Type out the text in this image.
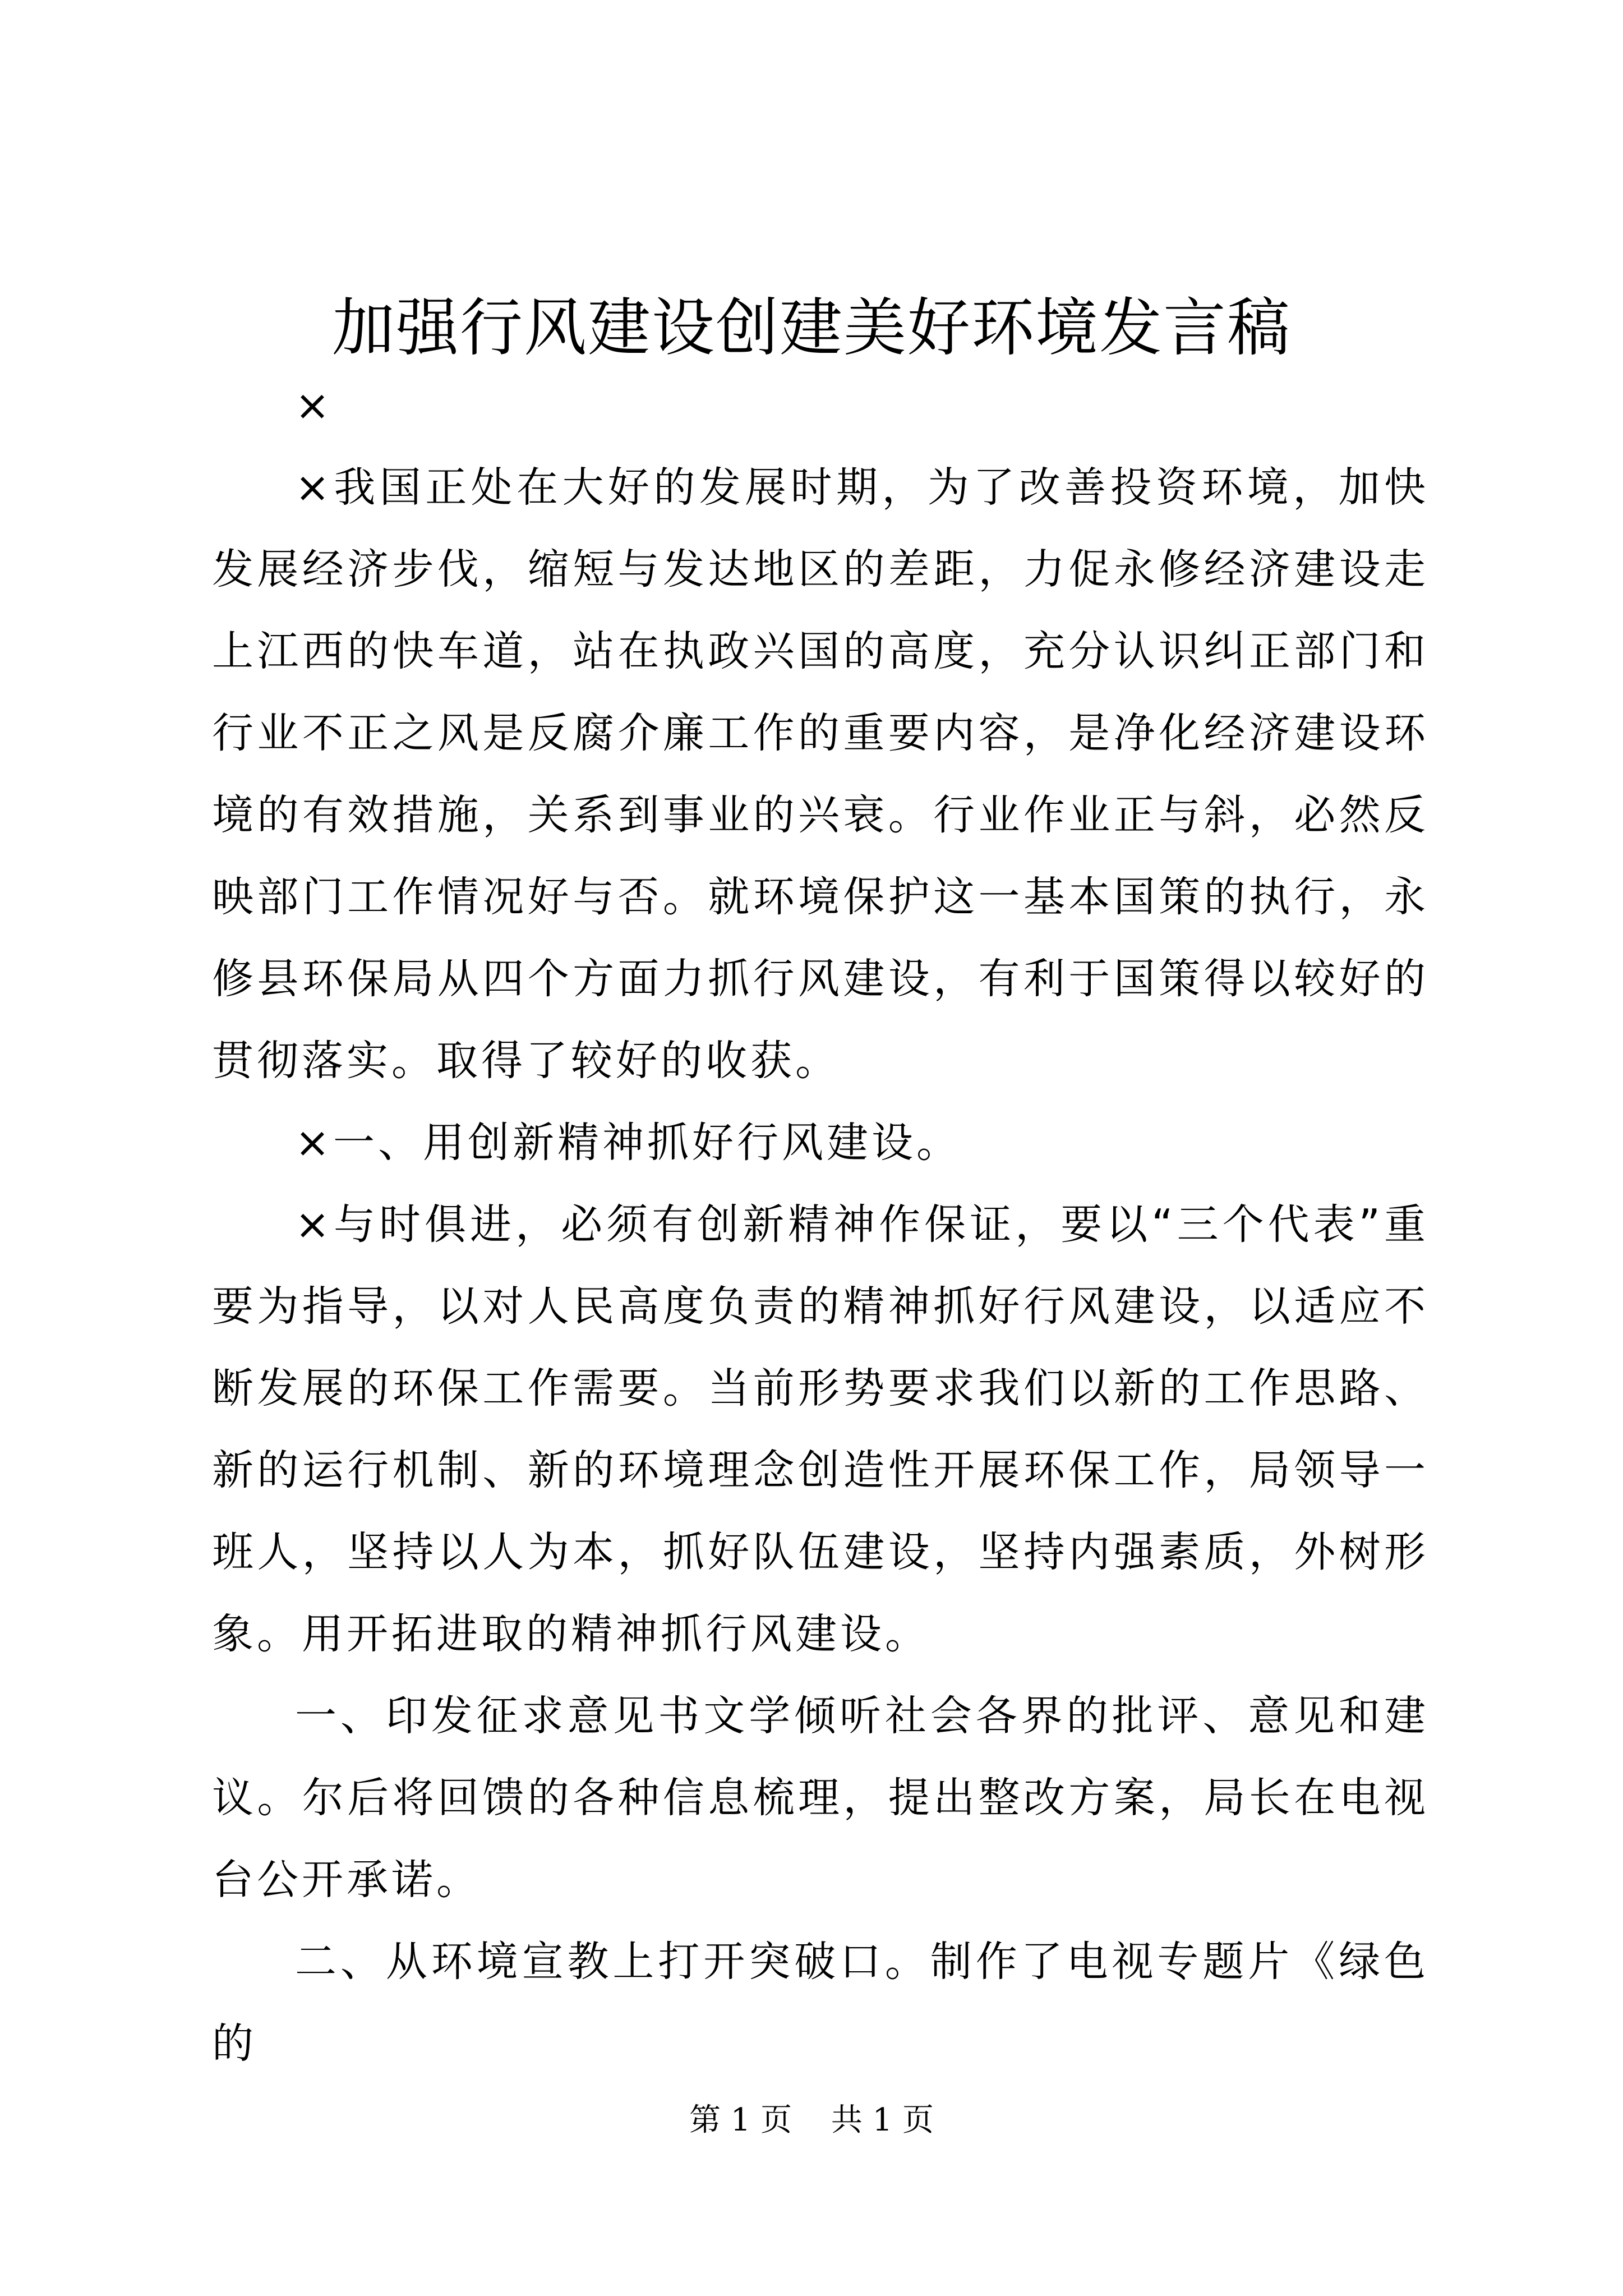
加强行风建设创建美好环境发言稿

×

×我国正处在大好的发展时期，为了改善投资环境，加快发展经济步伐，缩短与发达地区的差距，力促永修经济建设走上江西的快车道，站在执政兴国的高度，充分认识纠正部门和行业不正之风是反腐介廉工作的重要内容，是净化经济建设环境的有效措施，关系到事业的兴衰。行业作业正与斜，必然反映部门工作情况好与否。就环境保护这一基本国策的执行，永修县环保局从四个方面力抓行风建设，有利于国策得以较好的贯彻落实。取得了较好的收获。

×一、用创新精神抓好行风建设。

×与时俱进，必须有创新精神作保证，要以“三个代表”重要为指导，以对人民高度负责的精神抓好行风建设，以适应不断发展的环保工作需要。当前形势要求我们以新的工作思路、新的运行机制、新的环境理念创造性开展环保工作，局领导一班人，坚持以人为本，抓好队伍建设，坚持内强素质，外树形象。用开拓进取的精神抓行风建设。

一、印发征求意见书文学倾听社会各界的批评、意见和建议。尔后将回馈的各种信息梳理，提出整改方案，局长在电视台公开承诺。

二、从环境宣教上打开突破口。制作了电视专题片《绿色的

第 1 页 共 1 页
